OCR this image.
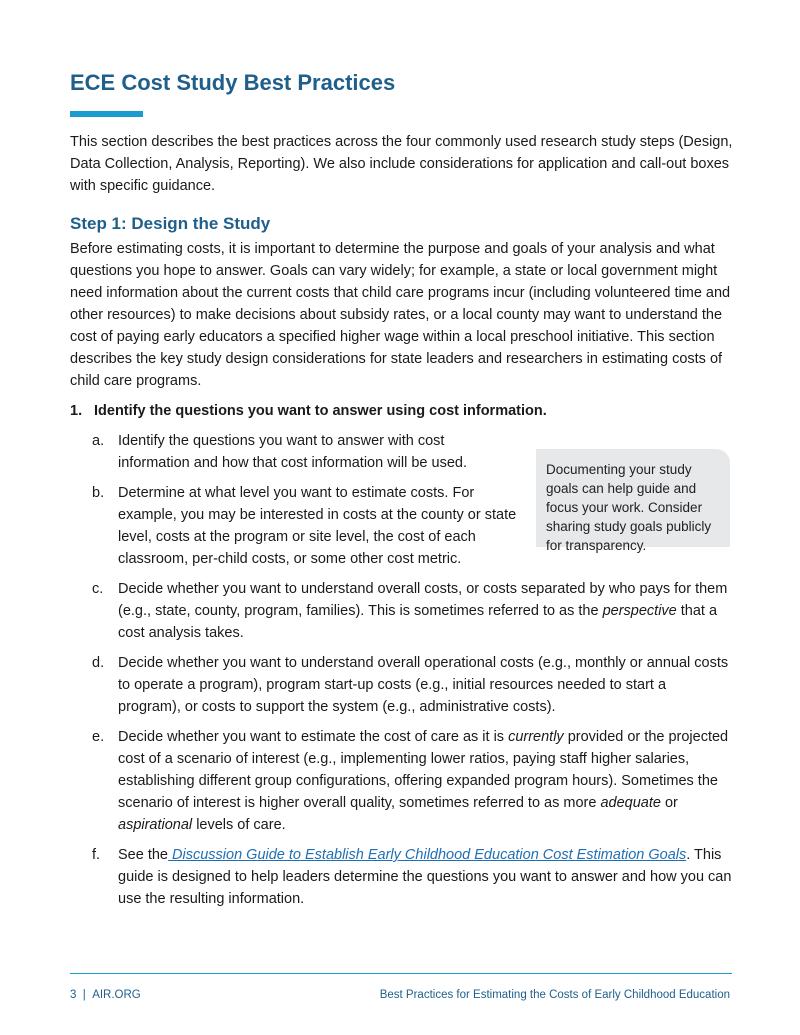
ECE Cost Study Best Practices

This section describes the best practices across the four commonly used research study steps (Design, Data Collection, Analysis, Reporting). We also include considerations for application and call-out boxes with specific guidance.

Step 1: Design the Study

Before estimating costs, it is important to determine the purpose and goals of your analysis and what questions you hope to answer. Goals can vary widely; for example, a state or local government might need information about the current costs that child care programs incur (including volunteered time and other resources) to make decisions about subsidy rates, or a local county may want to understand the cost of paying early educators a specified higher wage within a local preschool initiative. This section describes the key study design considerations for state leaders and researchers in estimating costs of child care programs.

1. Identify the questions you want to answer using cost information.

a. Identify the questions you want to answer with cost information and how that cost information will be used.
b. Determine at what level you want to estimate costs. For example, you may be interested in costs at the county or state level, costs at the program or site level, the cost of each classroom, per-child costs, or some other cost metric.
Documenting your study goals can help guide and focus your work. Consider sharing study goals publicly for transparency.
c.	Decide whether you want to understand overall costs, or costs separated by who pays for them (e.g., state, county, program, families). This is sometimes referred to as the perspective that a cost analysis takes.
d. Decide whether you want to understand overall operational costs (e.g., monthly or annual costs to operate a program), program start-up costs (e.g., initial resources needed to start a program), or costs to support the system (e.g., administrative costs).
e. Decide whether you want to estimate the cost of care as it is currently provided or the projected cost of a scenario of interest (e.g., implementing lower ratios, paying staff higher salaries, establishing different group configurations, offering expanded program hours). Sometimes the scenario of interest is higher overall quality, sometimes referred to as more adequate or aspirational levels of care.
f.	See the Discussion Guide to Establish Early Childhood Education Cost Estimation Goals. This guide is designed to help leaders determine the questions you want to answer and how you can use the resulting information.
3 | AIR.ORG	Best Practices for Estimating the Costs of Early Childhood Education
